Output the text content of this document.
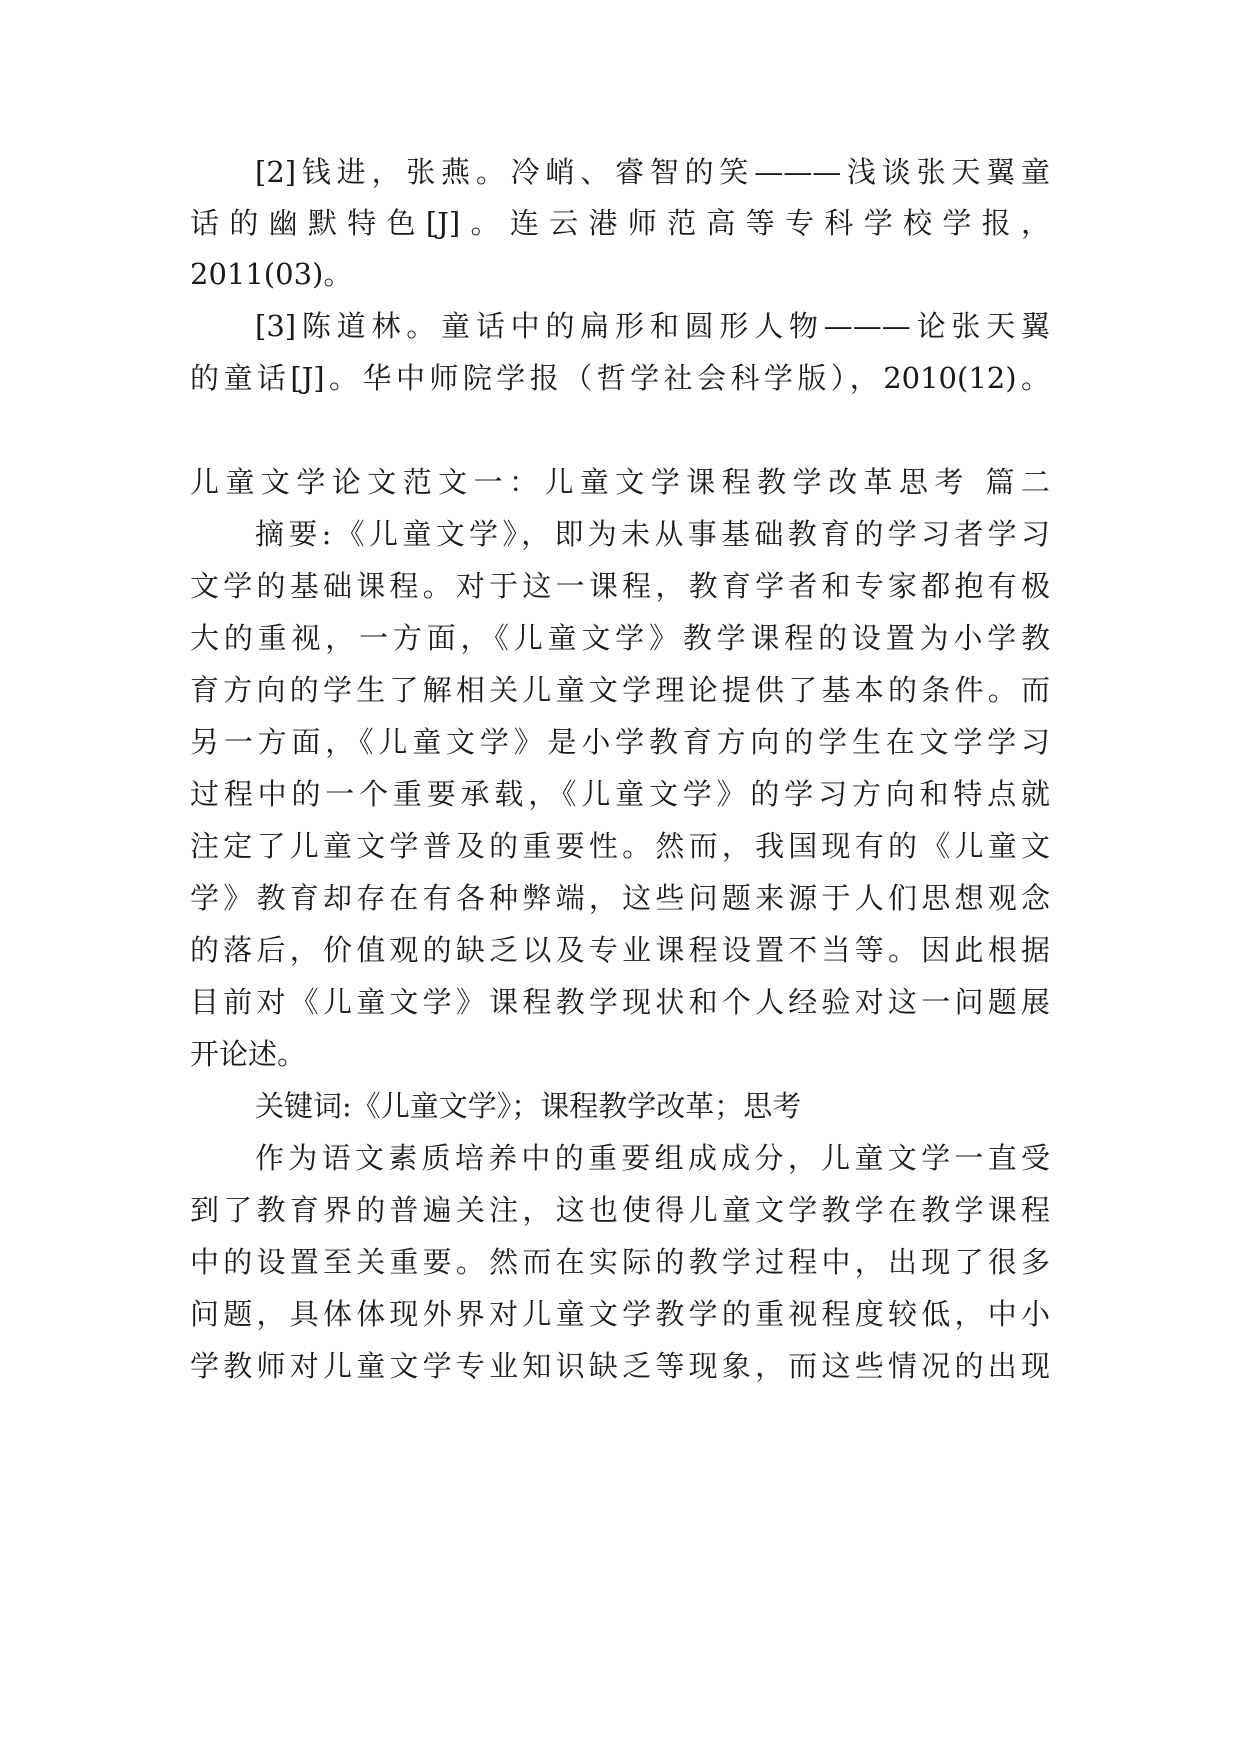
[2]钱进，张燕。冷峭、睿智的笑———浅谈张天翼童
话的幽默特色[J]。连云港师范高等专科学校学报，
2011(03)。
[3]陈道林。童话中的扁形和圆形人物———论张天翼
的童话[J]。华中师院学报（哲学社会科学版），2010(12)。
儿童文学论文范文一：儿童文学课程教学改革思考 篇二
摘要:《儿童文学》，即为未从事基础教育的学习者学习
文学的基础课程。对于这一课程，教育学者和专家都抱有极
大的重视，一方面，《儿童文学》教学课程的设置为小学教
育方向的学生了解相关儿童文学理论提供了基本的条件。而
另一方面，《儿童文学》是小学教育方向的学生在文学学习
过程中的一个重要承载，《儿童文学》的学习方向和特点就
注定了儿童文学普及的重要性。然而，我国现有的《儿童文
学》教育却存在有各种弊端，这些问题来源于人们思想观念
的落后，价值观的缺乏以及专业课程设置不当等。因此根据
目前对《儿童文学》课程教学现状和个人经验对这一问题展
开论述。
关键词:《儿童文学》；课程教学改革；思考
作为语文素质培养中的重要组成成分，儿童文学一直受
到了教育界的普遍关注，这也使得儿童文学教学在教学课程
中的设置至关重要。然而在实际的教学过程中，出现了很多
问题，具体体现外界对儿童文学教学的重视程度较低，中小
学教师对儿童文学专业知识缺乏等现象，而这些情况的出现
